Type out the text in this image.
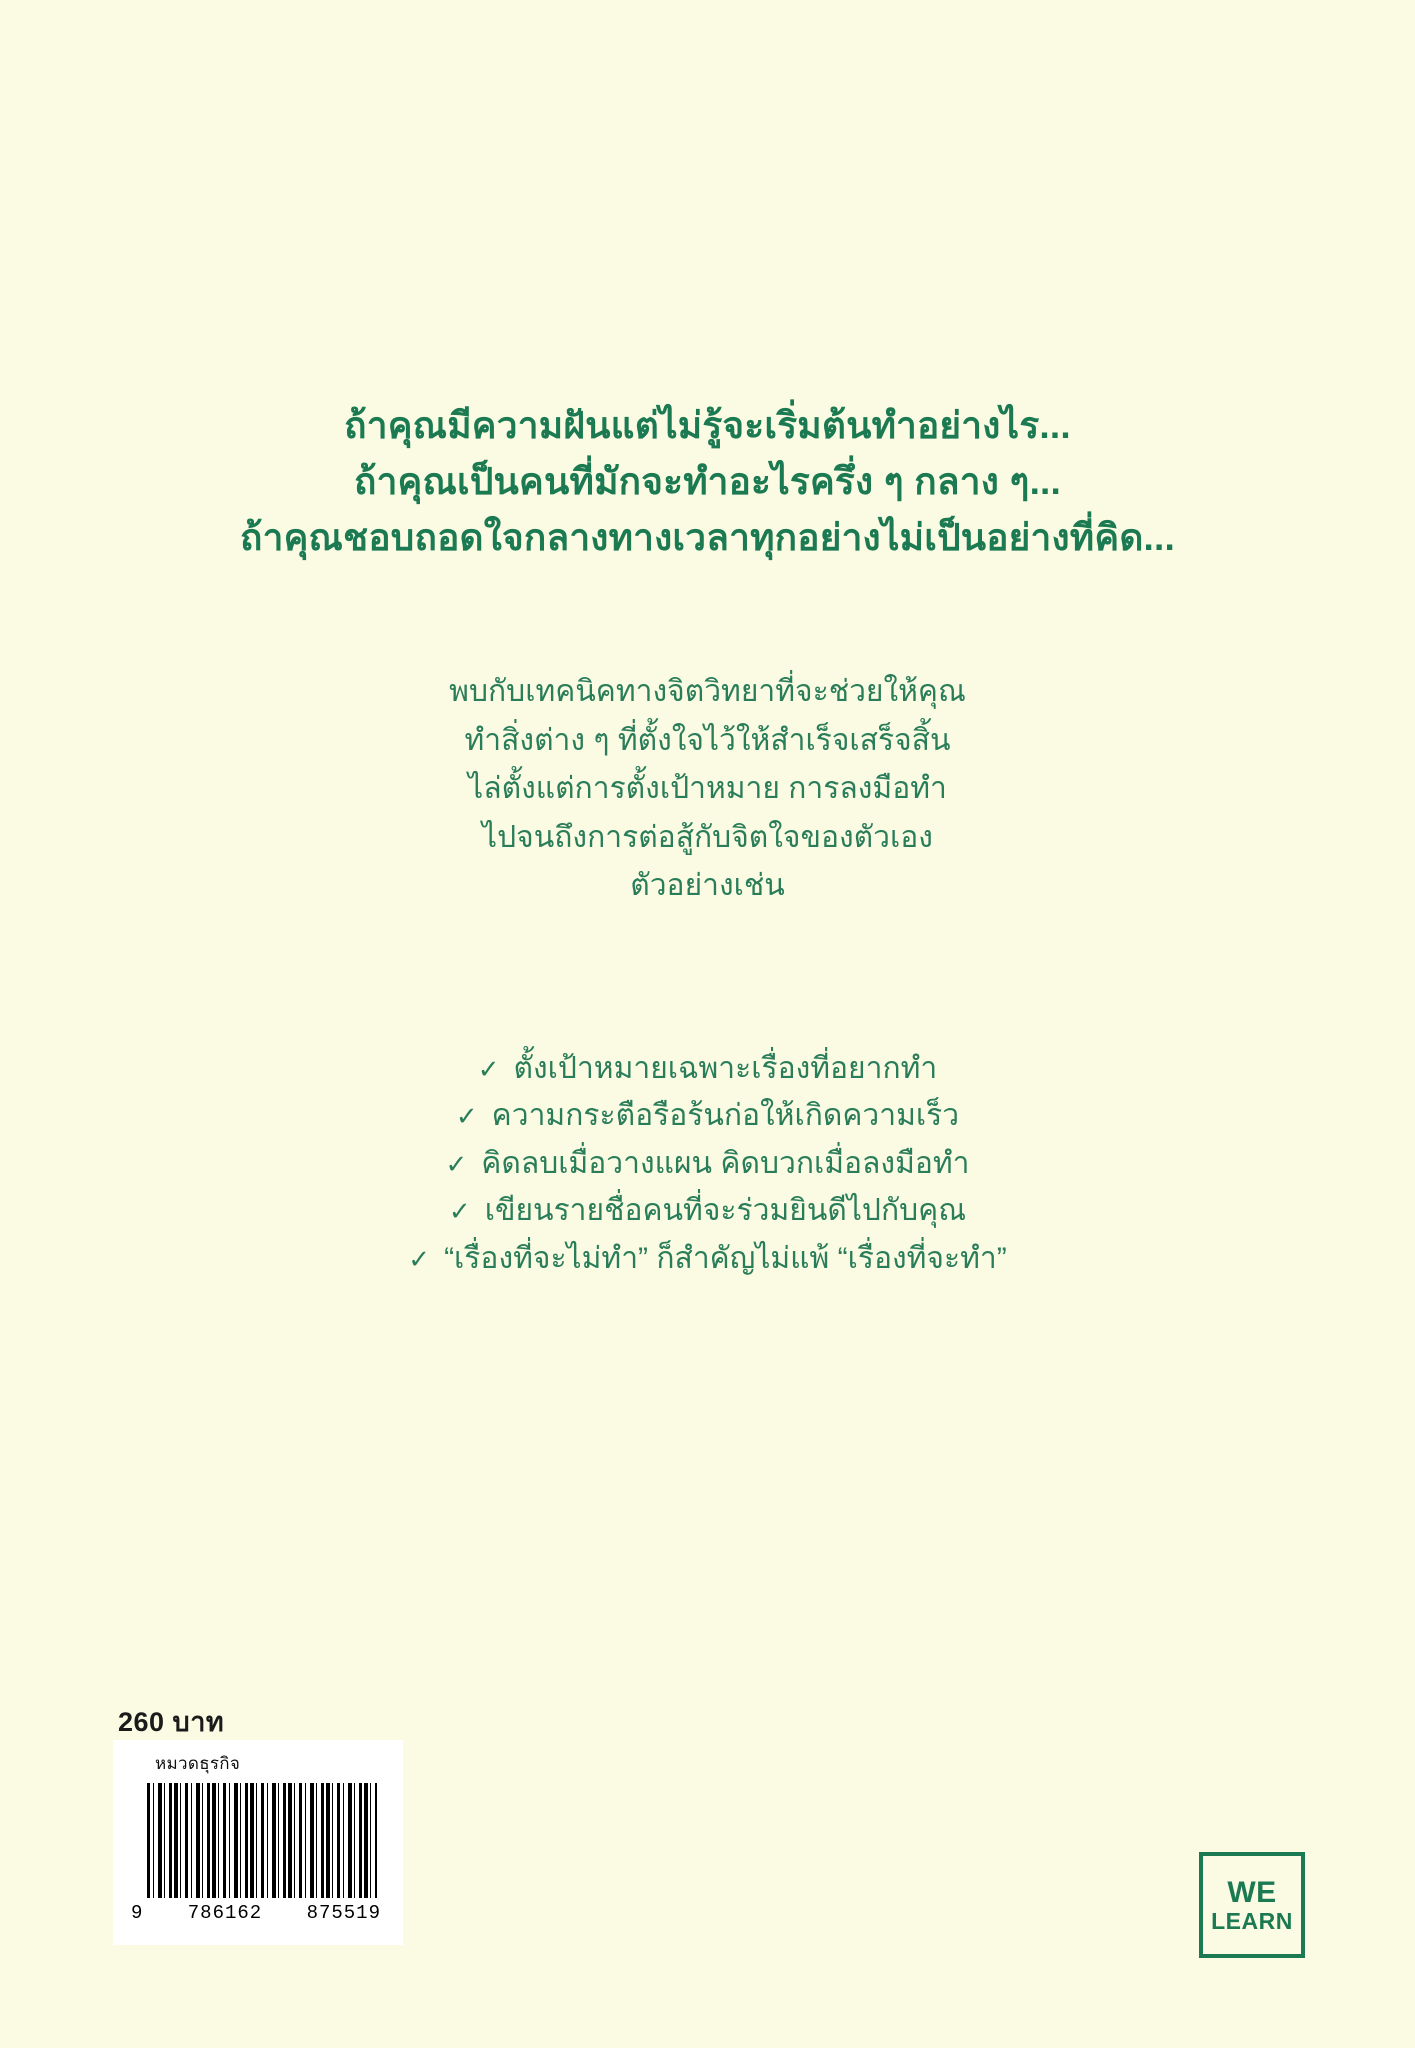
ถ้าคุณมีความฝันแต่ไม่รู้จะเริ่มต้นทำอย่างไร...
ถ้าคุณเป็นคนที่มักจะทำอะไรครึ่ง ๆ กลาง ๆ...
ถ้าคุณชอบถอดใจกลางทางเวลาทุกอย่างไม่เป็นอย่างที่คิด...
พบกับเทคนิคทางจิตวิทยาที่จะช่วยให้คุณ
ทำสิ่งต่าง ๆ ที่ตั้งใจไว้ให้สำเร็จเสร็จสิ้น
ไล่ตั้งแต่การตั้งเป้าหมาย การลงมือทำ
ไปจนถึงการต่อสู้กับจิตใจของตัวเอง
ตัวอย่างเช่น
✓ ตั้งเป้าหมายเฉพาะเรื่องที่อยากทำ
✓ ความกระตือรือร้นก่อให้เกิดความเร็ว
✓ คิดลบเมื่อวางแผน คิดบวกเมื่อลงมือทำ
✓ เขียนรายชื่อคนที่จะร่วมยินดีไปกับคุณ
✓ “เรื่องที่จะไม่ทำ” ก็สำคัญไม่แพ้ “เรื่องที่จะทำ”
260 บาท
หมวดธุรกิจ
9 786162 875519
WE
LEARN
